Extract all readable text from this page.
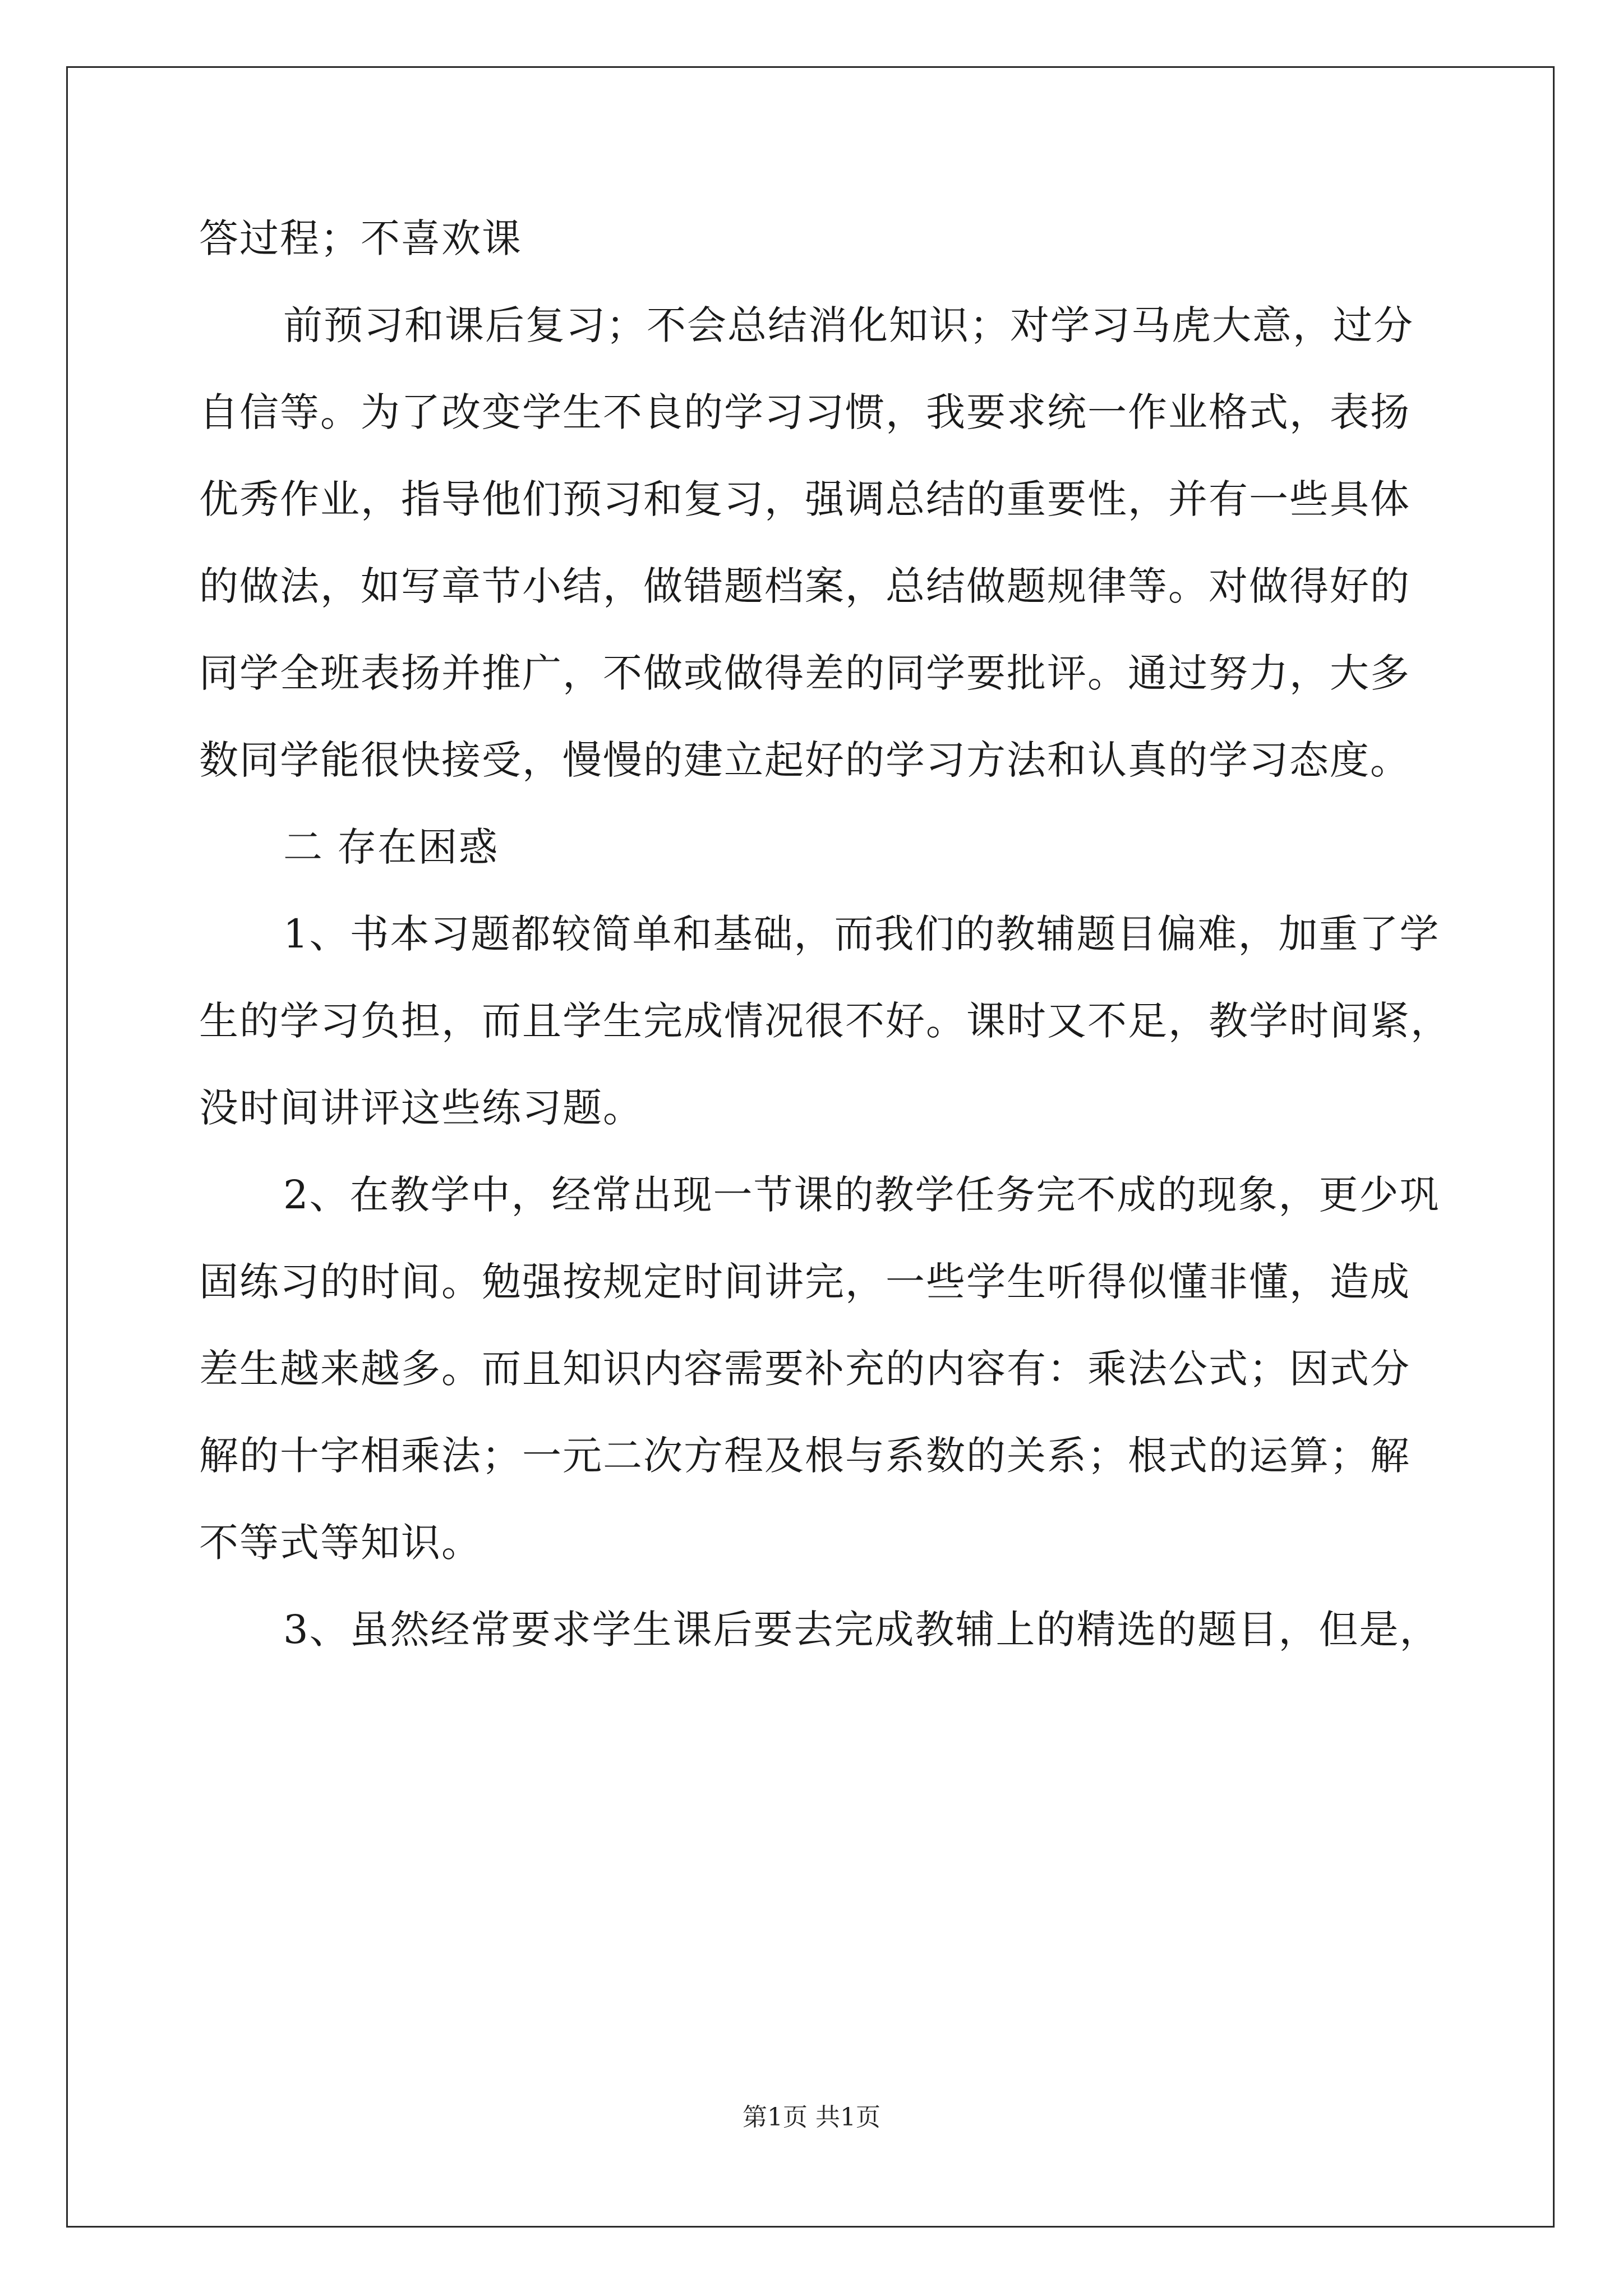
答过程；不喜欢课
前预习和课后复习；不会总结消化知识；对学习马虎大意，过分
自信等。为了改变学生不良的学习习惯，我要求统一作业格式，表扬
优秀作业，指导他们预习和复习，强调总结的重要性，并有一些具体
的做法，如写章节小结，做错题档案，总结做题规律等。对做得好的
同学全班表扬并推广，不做或做得差的同学要批评。通过努力，大多
数同学能很快接受，慢慢的建立起好的学习方法和认真的学习态度。
二 存在困惑
1、书本习题都较简单和基础，而我们的教辅题目偏难，加重了学
生的学习负担，而且学生完成情况很不好。课时又不足，教学时间紧，
没时间讲评这些练习题。
2、在教学中，经常出现一节课的教学任务完不成的现象，更少巩
固练习的时间。勉强按规定时间讲完，一些学生听得似懂非懂，造成
差生越来越多。而且知识内容需要补充的内容有：乘法公式；因式分
解的十字相乘法；一元二次方程及根与系数的关系；根式的运算；解
不等式等知识。
3、虽然经常要求学生课后要去完成教辅上的精选的题目，但是，
第1页 共1页
